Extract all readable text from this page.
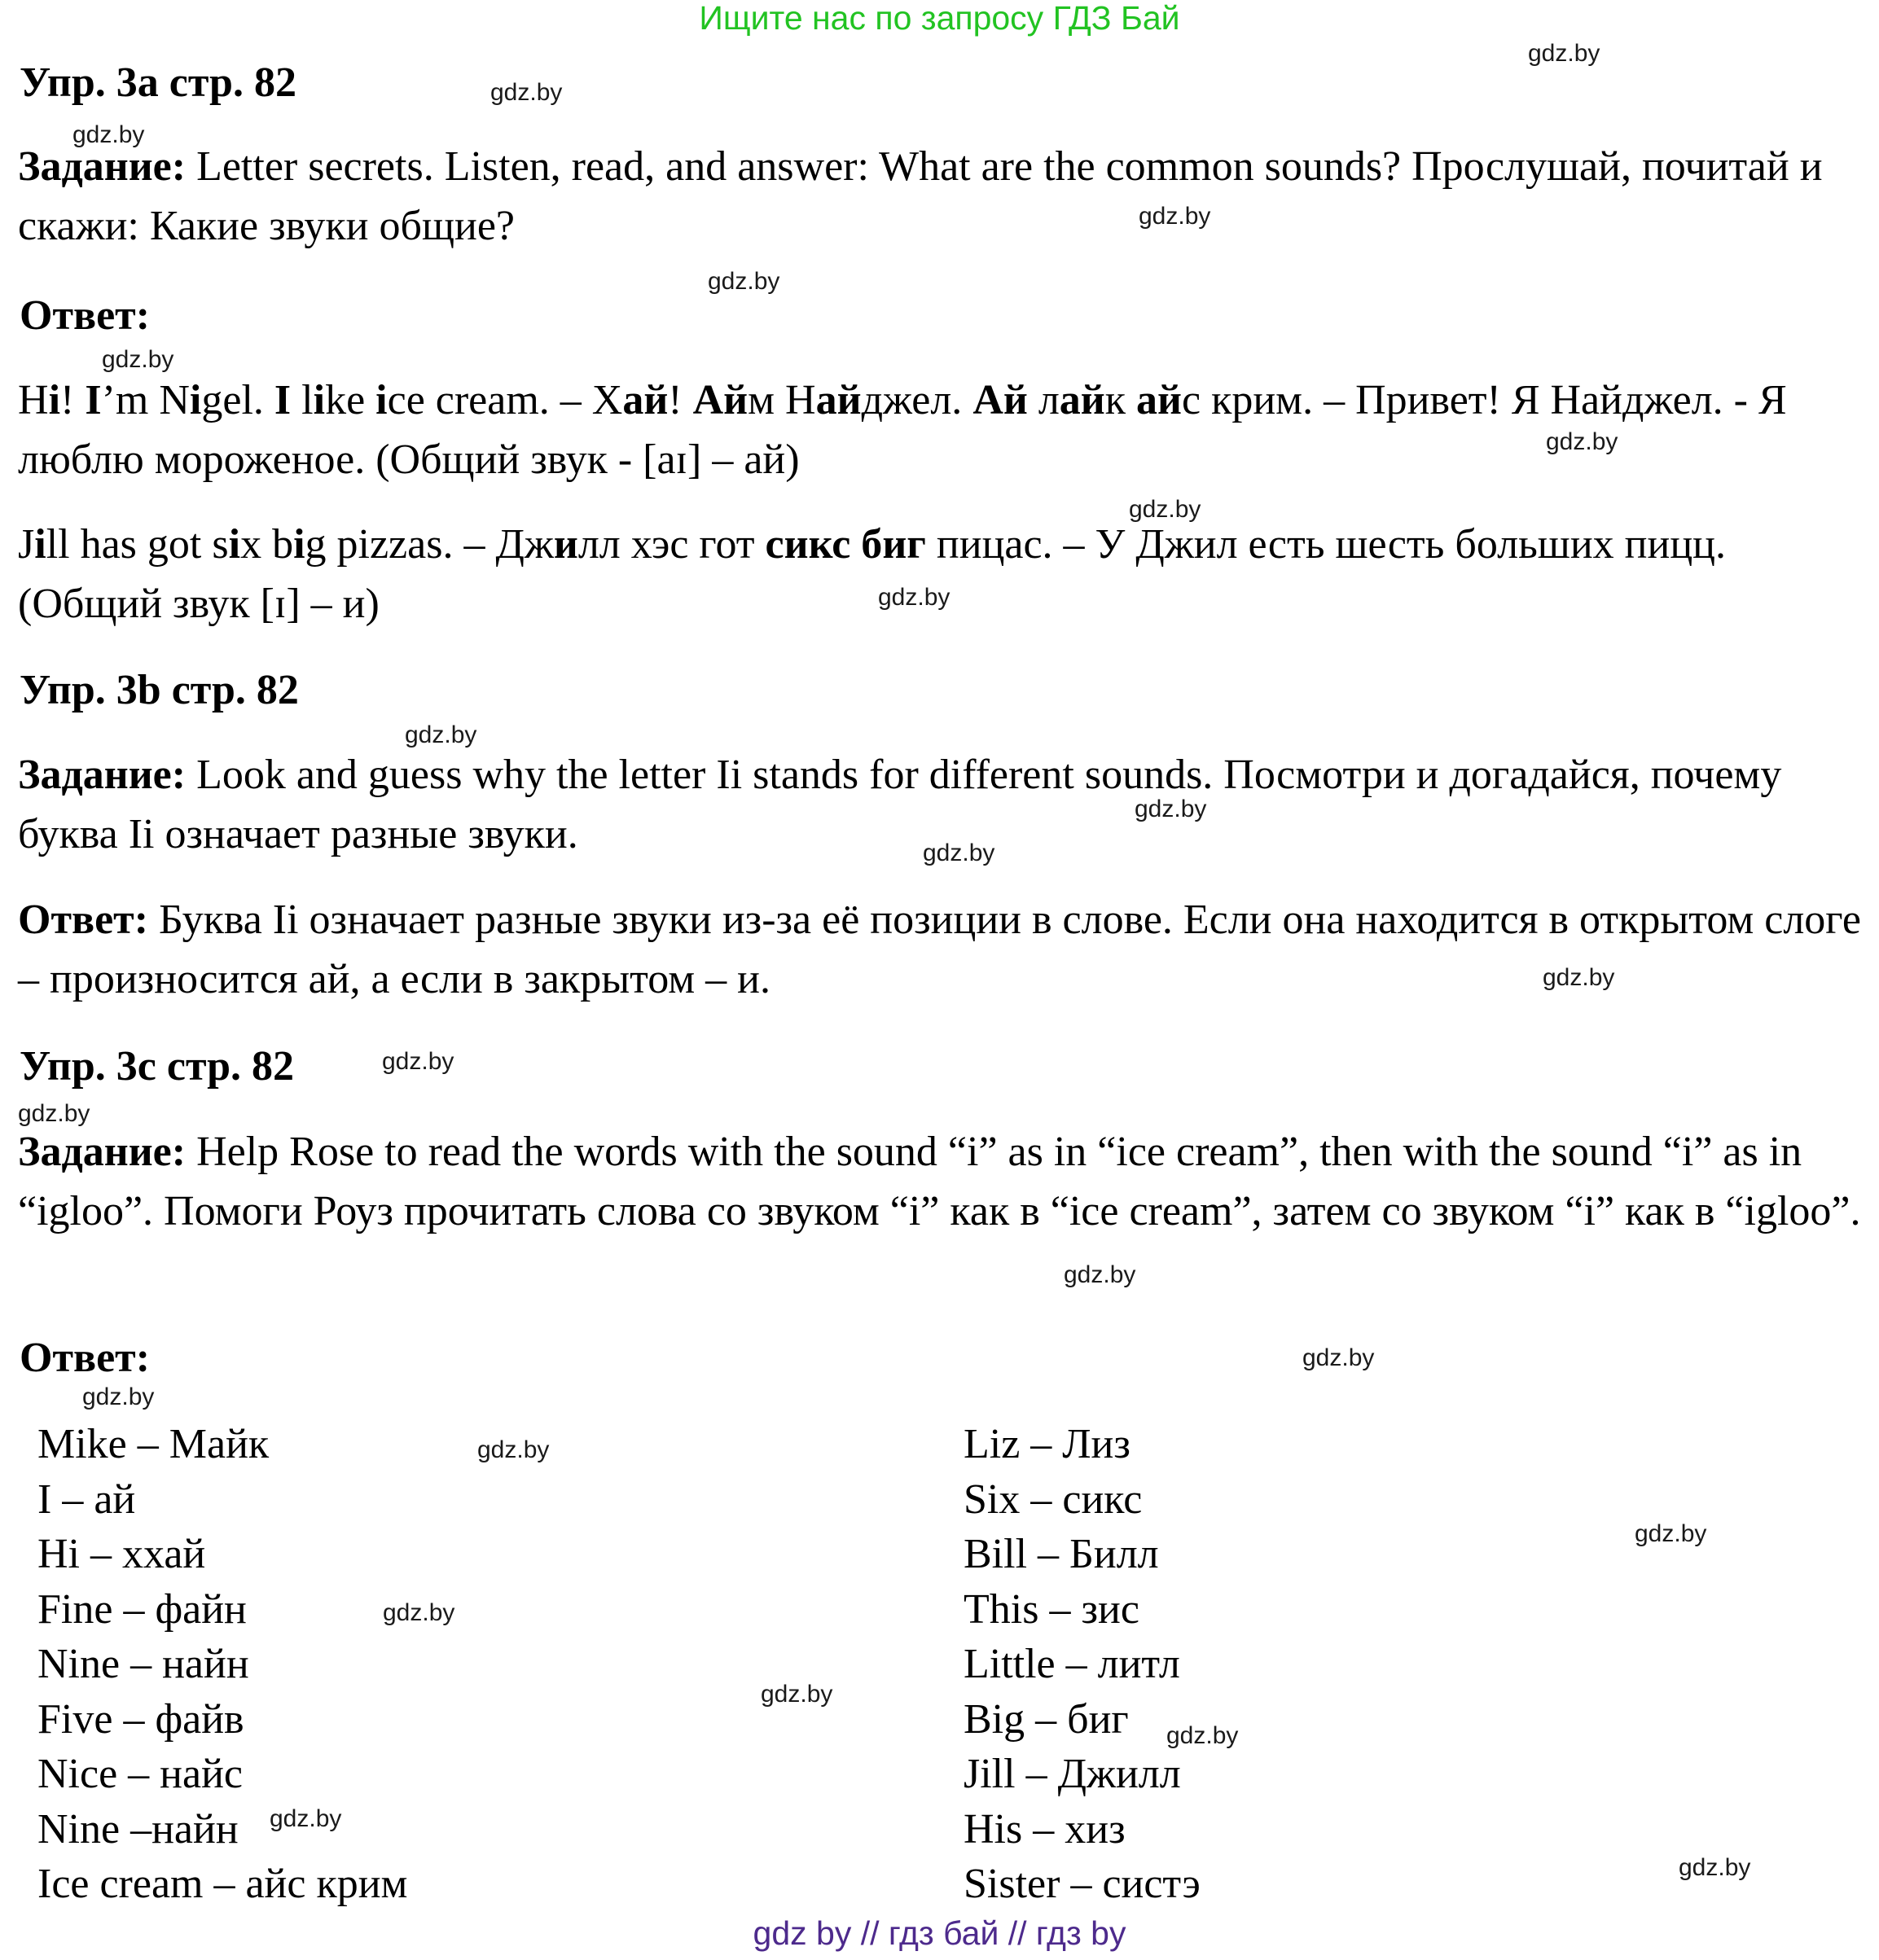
Ищите нас по запросу ГДЗ Бай
Упр. 3a стр. 82
Задание: Letter secrets. Listen, read, and answer: What are the common sounds? Прослушай, почитай и скажи: Какие звуки общие?
Ответ:
Hi! I’m Nigel. I like ice cream. – Хай! Айм Найджел. Ай лайк айс крим. – Привет! Я Найджел. - Я люблю мороженое. (Общий звук - [aɪ] – ай)
Jill has got six big pizzas. – Джилл хэс гот сикс биг пицас. – У Джил есть шесть больших пицц. (Общий звук [ɪ] – и)
Упр. 3b стр. 82
Задание: Look and guess why the letter Ii stands for different sounds. Посмотри и догадайся, почему буква Ii означает разные звуки.
Ответ: Буква Ii означает разные звуки из-за её позиции в слове. Если она находится в открытом слоге – произносится ай, а если в закрытом – и.
Упр. 3c стр. 82
Задание: Help Rose to read the words with the sound “i” as in “ice cream”, then with the sound “i” as in “igloo”. Помоги Роуз прочитать слова со звуком “i” как в “ice cream”, затем со звуком “i” как в “igloo”.
Ответ:
Mike – Майк
I – ай
Hi – ххай
Fine – файн
Nine – найн
Five – файв
Nice – найс
Nine –найн
Ice cream – айс крим
Liz – Лиз
Six – сикс
Bill – Билл
This – зис
Little – литл
Big – биг
Jill – Джилл
His – хиз
Sister – систэ
gdz.by
gdz.by
gdz.by
gdz.by
gdz.by
gdz.by
gdz.by
gdz.by
gdz.by
gdz.by
gdz.by
gdz.by
gdz.by
gdz.by
gdz.by
gdz.by
gdz.by
gdz.by
gdz.by
gdz.by
gdz.by
gdz.by
gdz.by
gdz.by
gdz.by
gdz by // гдз бай // гдз by
